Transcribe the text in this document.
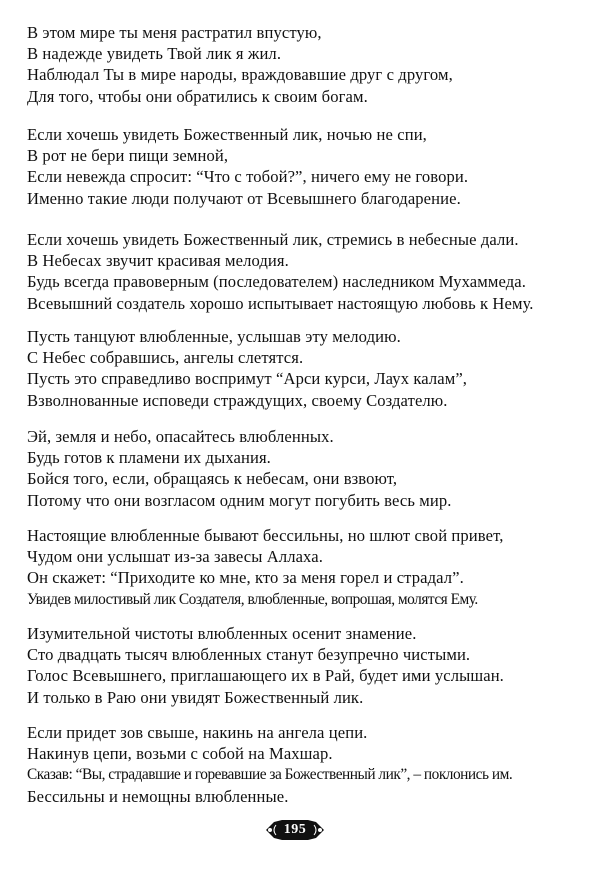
В этом мире ты меня растратил впустую,
В надежде увидеть Твой лик я жил.
Наблюдал Ты в мире народы, враждовавшие друг с другом,
Для того, чтобы они обратились к своим богам.
Если хочешь увидеть Божественный лик, ночью не спи,
В рот не бери пищи земной,
Если невежда спросит: “Что с тобой?”, ничего ему не говори.
Именно такие люди получают от Всевышнего благодарение.
Если хочешь увидеть Божественный лик, стремись в небесные дали.
В Небесах звучит красивая мелодия.
Будь всегда правоверным (последователем) наследником Мухаммеда.
Всевышний создатель хорошо испытывает настоящую любовь к Нему.
Пусть танцуют влюбленные, услышав эту мелодию.
С Небес собравшись, ангелы слетятся.
Пусть это справедливо воспримут “Арси курси, Лаух калам”,
Взволнованные исповеди страждущих, своему Создателю.
Эй, земля и небо, опасайтесь влюбленных.
Будь готов к пламени их дыхания.
Бойся того, если, обращаясь к небесам, они взвоют,
Потому что они возгласом одним могут погубить весь мир.
Настоящие влюбленные бывают бессильны, но шлют свой привет,
Чудом они услышат из-за завесы Аллаха.
Он скажет: “Приходите ко мне, кто за меня горел и страдал”.
Увидев милостивый лик Создателя, влюбленные, вопрошая, молятся Ему.
Изумительной чистоты влюбленных осенит знамение.
Сто двадцать тысяч влюбленных станут безупречно чистыми.
Голос Всевышнего, приглашающего их в Рай, будет ими услышан.
И только в Раю они увидят Божественный лик.
Если придет зов свыше, накинь на ангела цепи.
Накинув цепи, возьми с собой на Махшар.
Сказав: “Вы, страдавшие и горевавшие за Божественный лик”, – поклонись им.
Бессильны и немощны влюбленные.
195
